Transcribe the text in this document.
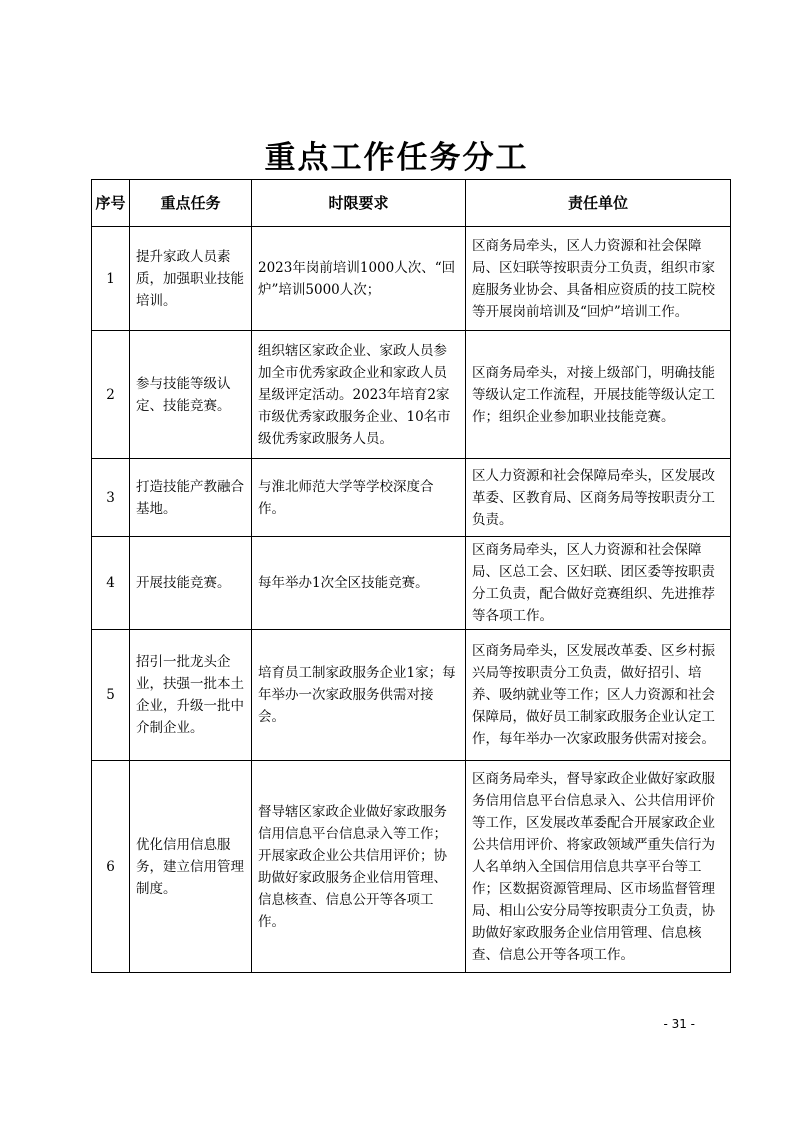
重点工作任务分工
序号	重点任务	时限要求	责任单位
1	提升家政人员素质，加强职业技能培训。	2023年岗前培训1000人次、“回炉”培训5000人次；	区商务局牵头，区人力资源和社会保障局、区妇联等按职责分工负责，组织市家庭服务业协会、具备相应资质的技工院校等开展岗前培训及“回炉”培训工作。
2	参与技能等级认定、技能竞赛。	组织辖区家政企业、家政人员参加全市优秀家政企业和家政人员星级评定活动。2023年培育2家市级优秀家政服务企业、10名市级优秀家政服务人员。	区商务局牵头，对接上级部门，明确技能等级认定工作流程，开展技能等级认定工作；组织企业参加职业技能竞赛。
3	打造技能产教融合基地。	与淮北师范大学等学校深度合作。	区人力资源和社会保障局牵头，区发展改革委、区教育局、区商务局等按职责分工负责。
4	开展技能竞赛。	每年举办1次全区技能竞赛。	区商务局牵头，区人力资源和社会保障局、区总工会、区妇联、团区委等按职责分工负责，配合做好竞赛组织、先进推荐等各项工作。
5	招引一批龙头企业，扶强一批本土企业，升级一批中介制企业。	培育员工制家政服务企业1家；每年举办一次家政服务供需对接会。	区商务局牵头，区发展改革委、区乡村振兴局等按职责分工负责，做好招引、培养、吸纳就业等工作；区人力资源和社会保障局，做好员工制家政服务企业认定工作，每年举办一次家政服务供需对接会。
6	优化信用信息服务，建立信用管理制度。	督导辖区家政企业做好家政服务信用信息平台信息录入等工作；开展家政企业公共信用评价；协助做好家政服务企业信用管理、信息核查、信息公开等各项工作。	区商务局牵头，督导家政企业做好家政服务信用信息平台信息录入、公共信用评价等工作，区发展改革委配合开展家政企业公共信用评价、将家政领域严重失信行为人名单纳入全国信用信息共享平台等工作；区数据资源管理局、区市场监督管理局、相山公安分局等按职责分工负责，协助做好家政服务企业信用管理、信息核查、信息公开等各项工作。
- 31 -
